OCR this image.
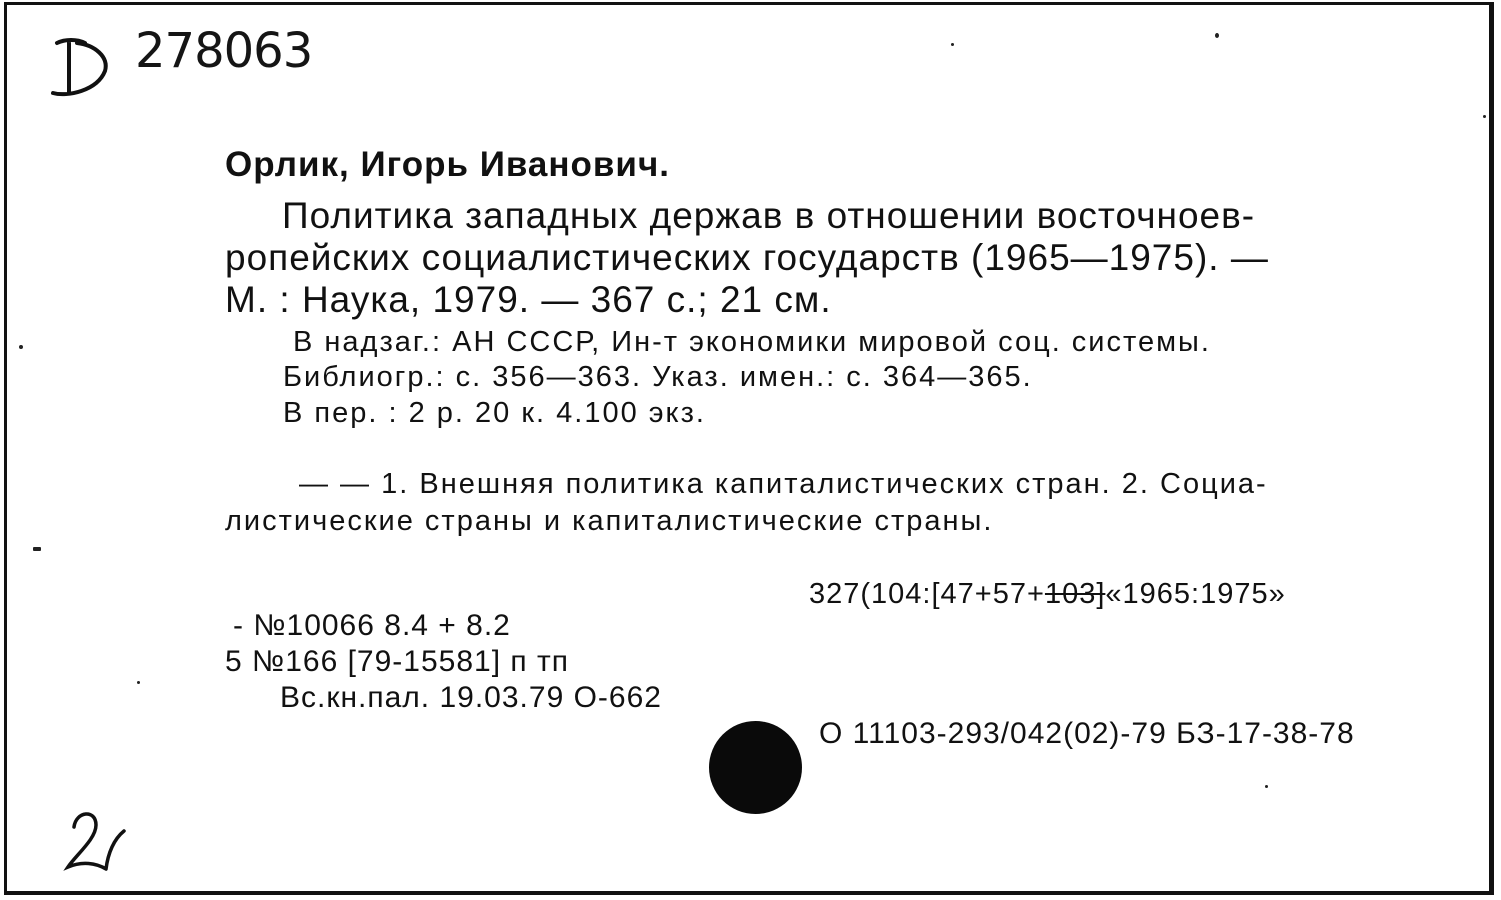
278063
Орлик, Игорь Иванович.
Политика западных держав в отношении восточноев-
ропейских социалистических государств (1965—1975). —
М. : Наука, 1979. — 367 с.; 21 см.
В надзаг.: АН СССР, Ин-т экономики мировой соц. системы.
Библиогр.: с. 356—363. Указ. имен.: с. 364—365.
В пер. : 2 р. 20 к. 4.100 экз.
— — 1. Внешняя политика капиталистических стран. 2. Социа-
листические страны и капиталистические страны.
327(104:[47+57+103]«1965:1975»
- №10066 8.4 + 8.2
5 №166 [79-15581] п тп
Вс.кн.пал. 19.03.79 О-662
О 11103-293/042(02)-79 БЗ-17-38-78
